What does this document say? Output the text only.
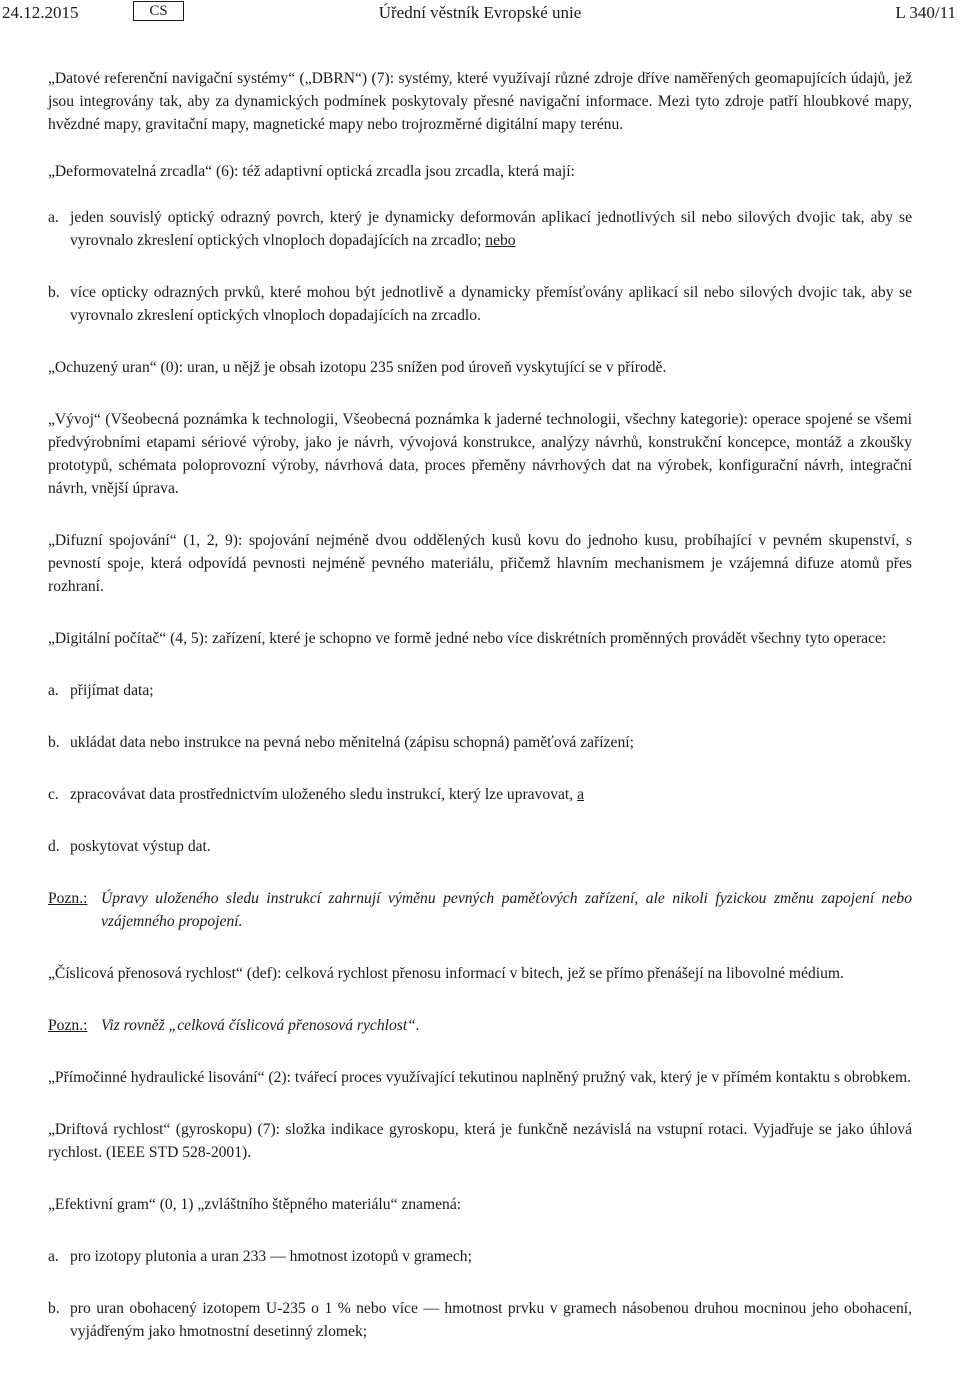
24.12.2015	CS	Úřední věstník Evropské unie	L 340/11

„Datové referenční navigační systémy“ („DBRN“) (7): systémy, které využívají různé zdroje dříve naměřených geomapujících údajů, jež jsou integrovány tak, aby za dynamických podmínek poskytovaly přesné navigační informace. Mezi tyto zdroje patří hloubkové mapy, hvězdné mapy, gravitační mapy, magnetické mapy nebo trojrozměrné digitální mapy terénu.

„Deformovatelná zrcadla“ (6): též adaptivní optická zrcadla jsou zrcadla, která mají:

a. jeden souvislý optický odrazný povrch, který je dynamicky deformován aplikací jednotlivých sil nebo silových dvojic tak, aby se vyrovnalo zkreslení optických vlnoploch dopadajících na zrcadlo; nebo

b. více opticky odrazných prvků, které mohou být jednotlivě a dynamicky přemísťovány aplikací sil nebo silových dvojic tak, aby se vyrovnalo zkreslení optických vlnoploch dopadajících na zrcadlo.

„Ochuzený uran“ (0): uran, u nějž je obsah izotopu 235 snížen pod úroveň vyskytující se v přírodě.

„Vývoj“ (Všeobecná poznámka k technologii, Všeobecná poznámka k jaderné technologii, všechny kategorie): operace spojené se všemi předvýrobními etapami sériové výroby, jako je návrh, vývojová konstrukce, analýzy návrhů, konstrukční koncepce, montáž a zkoušky prototypů, schémata poloprovozní výroby, návrhová data, proces přeměny návrhových dat na výrobek, konfigurační návrh, integrační návrh, vnější úprava.

„Difuzní spojování“ (1, 2, 9): spojování nejméně dvou oddělených kusů kovu do jednoho kusu, probíhající v pevném skupenství, s pevností spoje, která odpovídá pevnosti nejméně pevného materiálu, přičemž hlavním mechanismem je vzájemná difuze atomů přes rozhraní.

„Digitální počítač“ (4, 5): zařízení, které je schopno ve formě jedné nebo více diskrétních proměnných provádět všechny tyto operace:

a. přijímat data;

b. ukládat data nebo instrukce na pevná nebo měnitelná (zápisu schopná) paměťová zařízení;

c. zpracovávat data prostřednictvím uloženého sledu instrukcí, který lze upravovat, a

d. poskytovat výstup dat.

Pozn.: Úpravy uloženého sledu instrukcí zahrnují výměnu pevných paměťových zařízení, ale nikoli fyzickou změnu zapojení nebo vzájemného propojení.

„Číslicová přenosová rychlost“ (def): celková rychlost přenosu informací v bitech, jež se přímo přenášejí na libovolné médium.

Pozn.: Viz rovněž „celková číslicová přenosová rychlost“.

„Přímočinné hydraulické lisování“ (2): tvářecí proces využívající tekutinou naplněný pružný vak, který je v přímém kontaktu s obrobkem.

„Driftová rychlost“ (gyroskopu) (7): složka indikace gyroskopu, která je funkčně nezávislá na vstupní rotaci. Vyjadřuje se jako úhlová rychlost. (IEEE STD 528-2001).

„Efektivní gram“ (0, 1) „zvláštního štěpného materiálu“ znamená:

a. pro izotopy plutonia a uran 233 — hmotnost izotopů v gramech;

b. pro uran obohacený izotopem U-235 o 1 % nebo více — hmotnost prvku v gramech násobenou druhou mocninou jeho obohacení, vyjádřeným jako hmotnostní desetinný zlomek;
